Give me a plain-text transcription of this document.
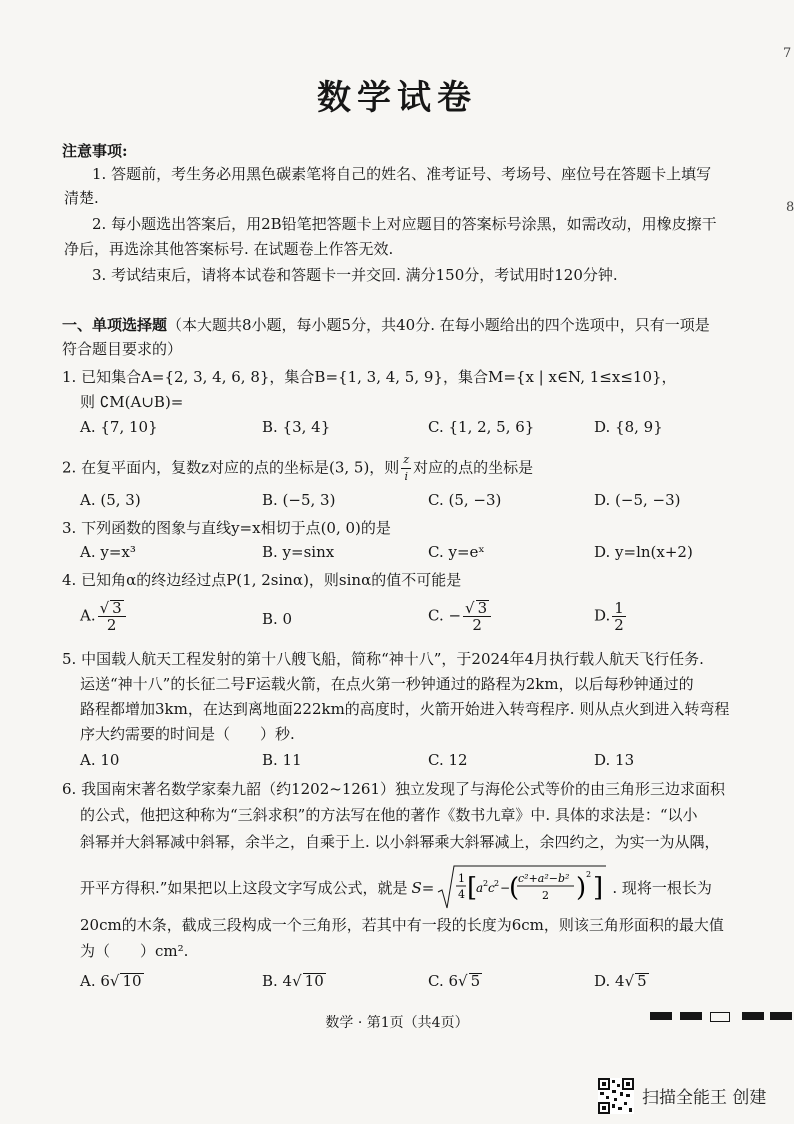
7
8
数学试卷
注意事项:
1. 答题前，考生务必用黑色碳素笔将自己的姓名、准考证号、考场号、座位号在答题卡上填写
清楚.
2. 每小题选出答案后，用2B铅笔把答题卡上对应题目的答案标号涂黑，如需改动，用橡皮擦干
净后，再选涂其他答案标号. 在试题卷上作答无效.
3. 考试结束后，请将本试卷和答题卡一并交回. 满分150分，考试用时120分钟.
一、单项选择题（本大题共8小题，每小题5分，共40分. 在每小题给出的四个选项中，只有一项是
符合题目要求的）
1. 已知集合A={2, 3, 4, 6, 8}，集合B={1, 3, 4, 5, 9}，集合M={x | x∈N, 1≤x≤10}，
则 ∁M(A∪B)=
A. {7, 10}	B. {3, 4}	C. {1, 2, 5, 6}	D. {8, 9}
2. 在复平面内，复数z对应的点的坐标是(3, 5)，则 $\frac{z}{i}$ 对应的点的坐标是
A. (5, 3)	B. (−5, 3)	C. (5, −3)	D. (−5, −3)
3. 下列函数的图象与直线y=x相切于点(0, 0)的是
A. y=x³	B. y=sinx	C. y=eˣ	D. y=ln(x+2)
4. 已知角α的终边经过点P(1, 2sinα)，则sinα的值不可能是
A. $\frac{√ 3}{2}$	B. 0	C. − $\frac{√ 3}{2}$	D. $\frac{1}{2}$
5. 中国载人航天工程发射的第十八艘飞船，简称“神十八”，于2024年4月执行载人航天飞行任务.
运送“神十八”的长征二号F运载火箭，在点火第一秒钟通过的路程为2km，以后每秒钟通过的
路程都增加3km，在达到离地面222km的高度时，火箭开始进入转弯程序. 则从点火到进入转弯程
序大约需要的时间是（　　）秒.
A. 10	B. 11	C. 12	D. 13
6. 我国南宋著名数学家秦九韶（约1202~1261）独立发现了与海伦公式等价的由三角形三边求面积
的公式，他把这种称为“三斜求积”的方法写在他的著作《数书九章》中. 具体的求法是：“以小
斜幂并大斜幂减中斜幂，余半之，自乘于上. 以小斜幂乘大斜幂减上，余四约之，为实一为从隅，
开平方得积.”如果把以上这段文字写成公式，就是 S=
1
4 [
a 2 c 2 −
(
c²+a²−b²
2 ) 2 ] . 现将一根长为
20cm的木条，截成三段构成一个三角形，若其中有一段的长度为6cm，则该三角形面积的最大值
为（　　）cm².
A. 6√ 10	B. 4√ 10	C. 6√ 5	D. 4√ 5
数学 · 第1页（共4页）
扫描全能王 创建
